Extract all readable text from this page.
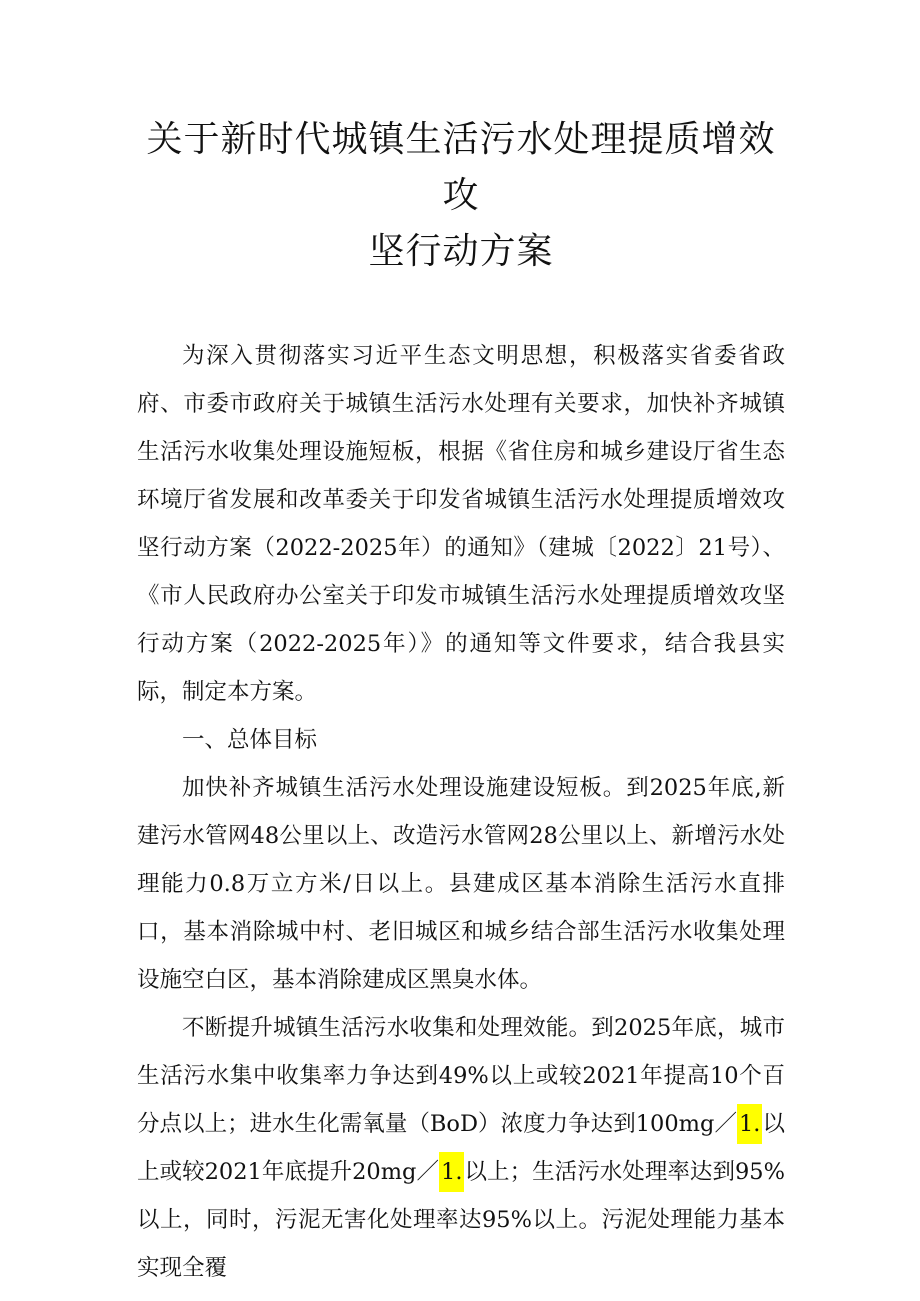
关于新时代城镇生活污水处理提质增效攻
坚行动方案

为深入贯彻落实习近平生态文明思想，积极落实省委省政府、市委市政府关于城镇生活污水处理有关要求，加快补齐城镇生活污水收集处理设施短板，根据《省住房和城乡建设厅省生态环境厅省发展和改革委关于印发省城镇生活污水处理提质增效攻坚行动方案（2022-2025年）的通知》（建城〔2022〕21号）、《市人民政府办公室关于印发市城镇生活污水处理提质增效攻坚行动方案（2022-2025年）》的通知等文件要求，结合我县实际，制定本方案。

一、总体目标

加快补齐城镇生活污水处理设施建设短板。到2025年底,新建污水管网48公里以上、改造污水管网28公里以上、新增污水处理能力0.8万立方米/日以上。县建成区基本消除生活污水直排口，基本消除城中村、老旧城区和城乡结合部生活污水收集处理设施空白区，基本消除建成区黑臭水体。

不断提升城镇生活污水收集和处理效能。到2025年底，城市生活污水集中收集率力争达到49%以上或较2021年提高10个百分点以上；进水生化需氧量（BoD）浓度力争达到100mg／1.以上或较2021年底提升20mg／1.以上；生活污水处理率达到95%以上，同时，污泥无害化处理率达95%以上。污泥处理能力基本实现全覆
